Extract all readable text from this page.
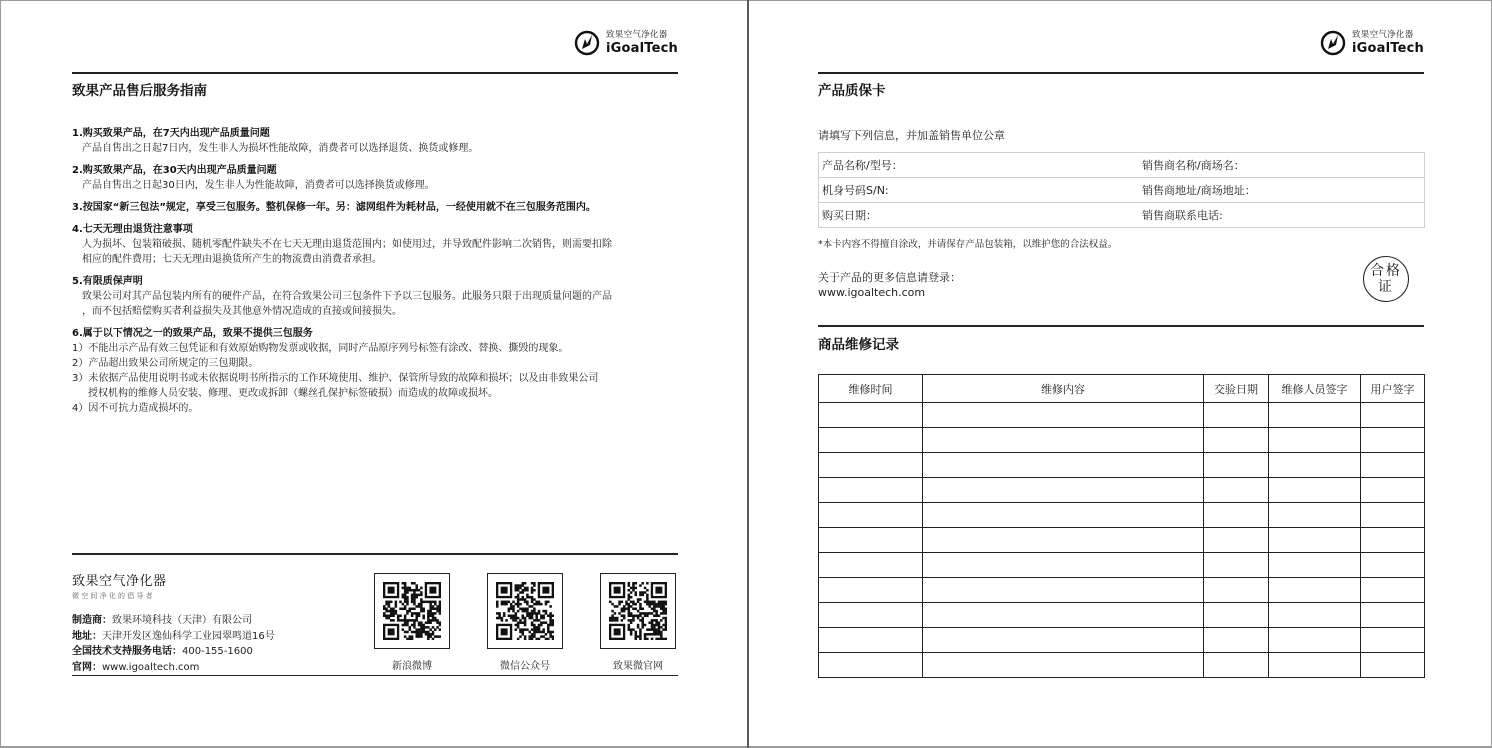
致果空气净化器
iGoalTech
致果产品售后服务指南
1.购买致果产品，在7天内出现产品质量问题

产品自售出之日起7日内，发生非人为损坏性能故障，消费者可以选择退货、换货或修理。

2.购买致果产品，在30天内出现产品质量问题

产品自售出之日起30日内，发生非人为性能故障，消费者可以选择换货或修理。

3.按国家“新三包法”规定，享受三包服务。整机保修一年。另：滤网组件为耗材品，一经使用就不在三包服务范围内。
4.七天无理由退货注意事项

人为损坏、包装箱破损、随机零配件缺失不在七天无理由退货范围内；如使用过，并导致配件影响二次销售，则需要扣除

相应的配件费用；七天无理由退换货所产生的物流费由消费者承担。

5.有限质保声明

致果公司对其产品包装内所有的硬件产品，在符合致果公司三包条件下予以三包服务。此服务只限于出现质量问题的产品

，而不包括赔偿购买者利益损失及其他意外情况造成的直接或间接损失。

6.属于以下情况之一的致果产品，致果不提供三包服务

1）不能出示产品有效三包凭证和有效原始购物发票或收据，同时产品原序列号标签有涂改、替换、撕毁的现象。

2）产品超出致果公司所规定的三包期限。

3）未依据产品使用说明书或未依据说明书所指示的工作环境使用、维护、保管所导致的故障和损坏；以及由非致果公司

授权机构的维修人员安装、修理、更改或拆卸（螺丝孔保护标签破损）而造成的故障或损坏。

4）因不可抗力造成损坏的。

致果空气净化器
微空间净化的倡导者
制造商：致果环境科技（天津）有限公司
地址：天津开发区逸仙科学工业园翠鸣道16号
全国技术支持服务电话：400-155-1600
官网：www.igoaltech.com	新浪微博	微信公众号	致果微官网
致果空气净化器
iGoalTech
产品质保卡
请填写下列信息，并加盖销售单位公章
产品名称/型号：	销售商名称/商场名：
机身号码S/N:	销售商地址/商场地址：
购买日期：	销售商联系电话:
*本卡内容不得擅自涂改，并请保存产品包装箱，以维护您的合法权益。
关于产品的更多信息请登录：
www.igoaltech.com
合格证
商品维修记录
维修时间	维修内容	交验日期	维修人员签字	用户签字
